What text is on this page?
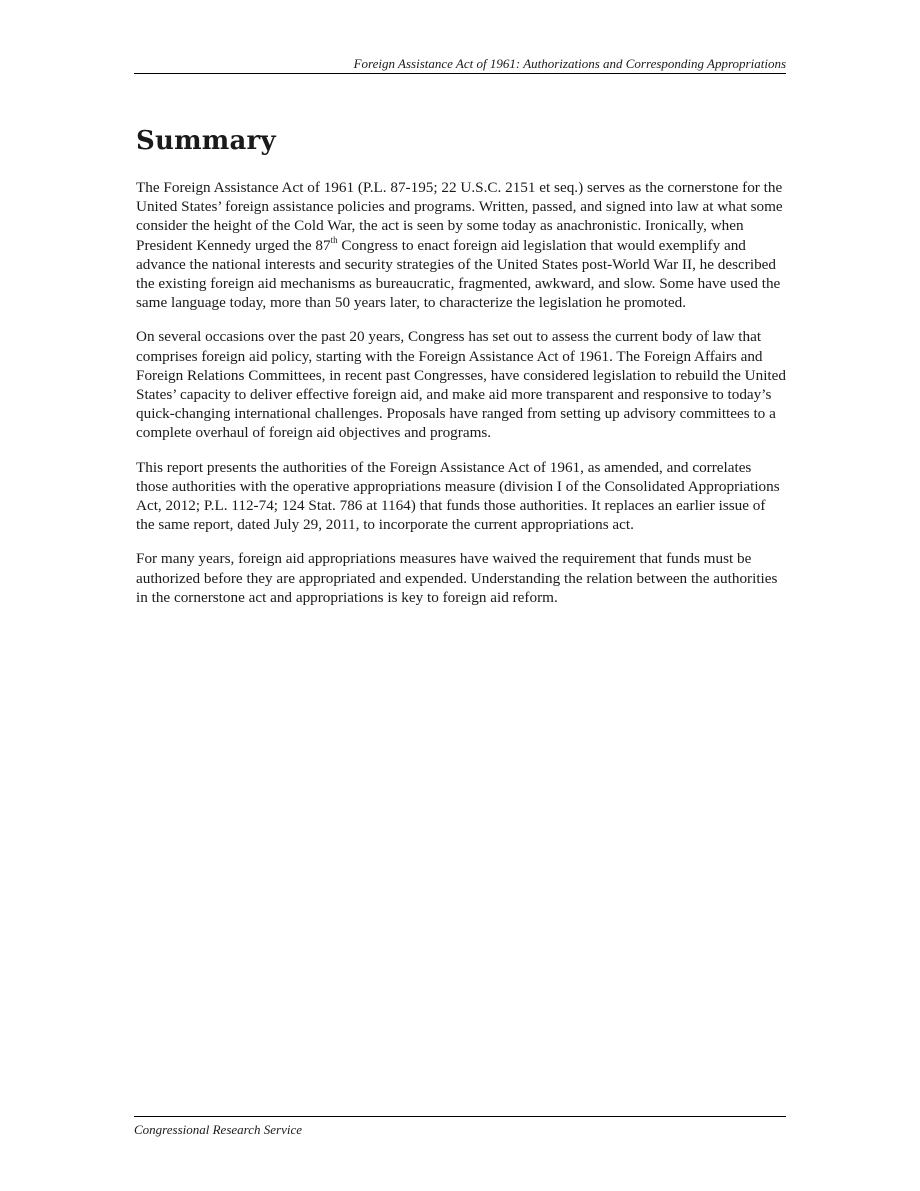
Foreign Assistance Act of 1961: Authorizations and Corresponding Appropriations
Summary

The Foreign Assistance Act of 1961 (P.L. 87-195; 22 U.S.C. 2151 et seq.) serves as the cornerstone for the United States’ foreign assistance policies and programs. Written, passed, and signed into law at what some consider the height of the Cold War, the act is seen by some today as anachronistic. Ironically, when President Kennedy urged the 87th Congress to enact foreign aid legislation that would exemplify and advance the national interests and security strategies of the United States post-World War II, he described the existing foreign aid mechanisms as bureaucratic, fragmented, awkward, and slow. Some have used the same language today, more than 50 years later, to characterize the legislation he promoted.

On several occasions over the past 20 years, Congress has set out to assess the current body of law that comprises foreign aid policy, starting with the Foreign Assistance Act of 1961. The Foreign Affairs and Foreign Relations Committees, in recent past Congresses, have considered legislation to rebuild the United States’ capacity to deliver effective foreign aid, and make aid more transparent and responsive to today’s quick-changing international challenges. Proposals have ranged from setting up advisory committees to a complete overhaul of foreign aid objectives and programs.

This report presents the authorities of the Foreign Assistance Act of 1961, as amended, and correlates those authorities with the operative appropriations measure (division I of the Consolidated Appropriations Act, 2012; P.L. 112-74; 124 Stat. 786 at 1164) that funds those authorities. It replaces an earlier issue of the same report, dated July 29, 2011, to incorporate the current appropriations act.

For many years, foreign aid appropriations measures have waived the requirement that funds must be authorized before they are appropriated and expended. Understanding the relation between the authorities in the cornerstone act and appropriations is key to foreign aid reform.

Congressional Research Service
